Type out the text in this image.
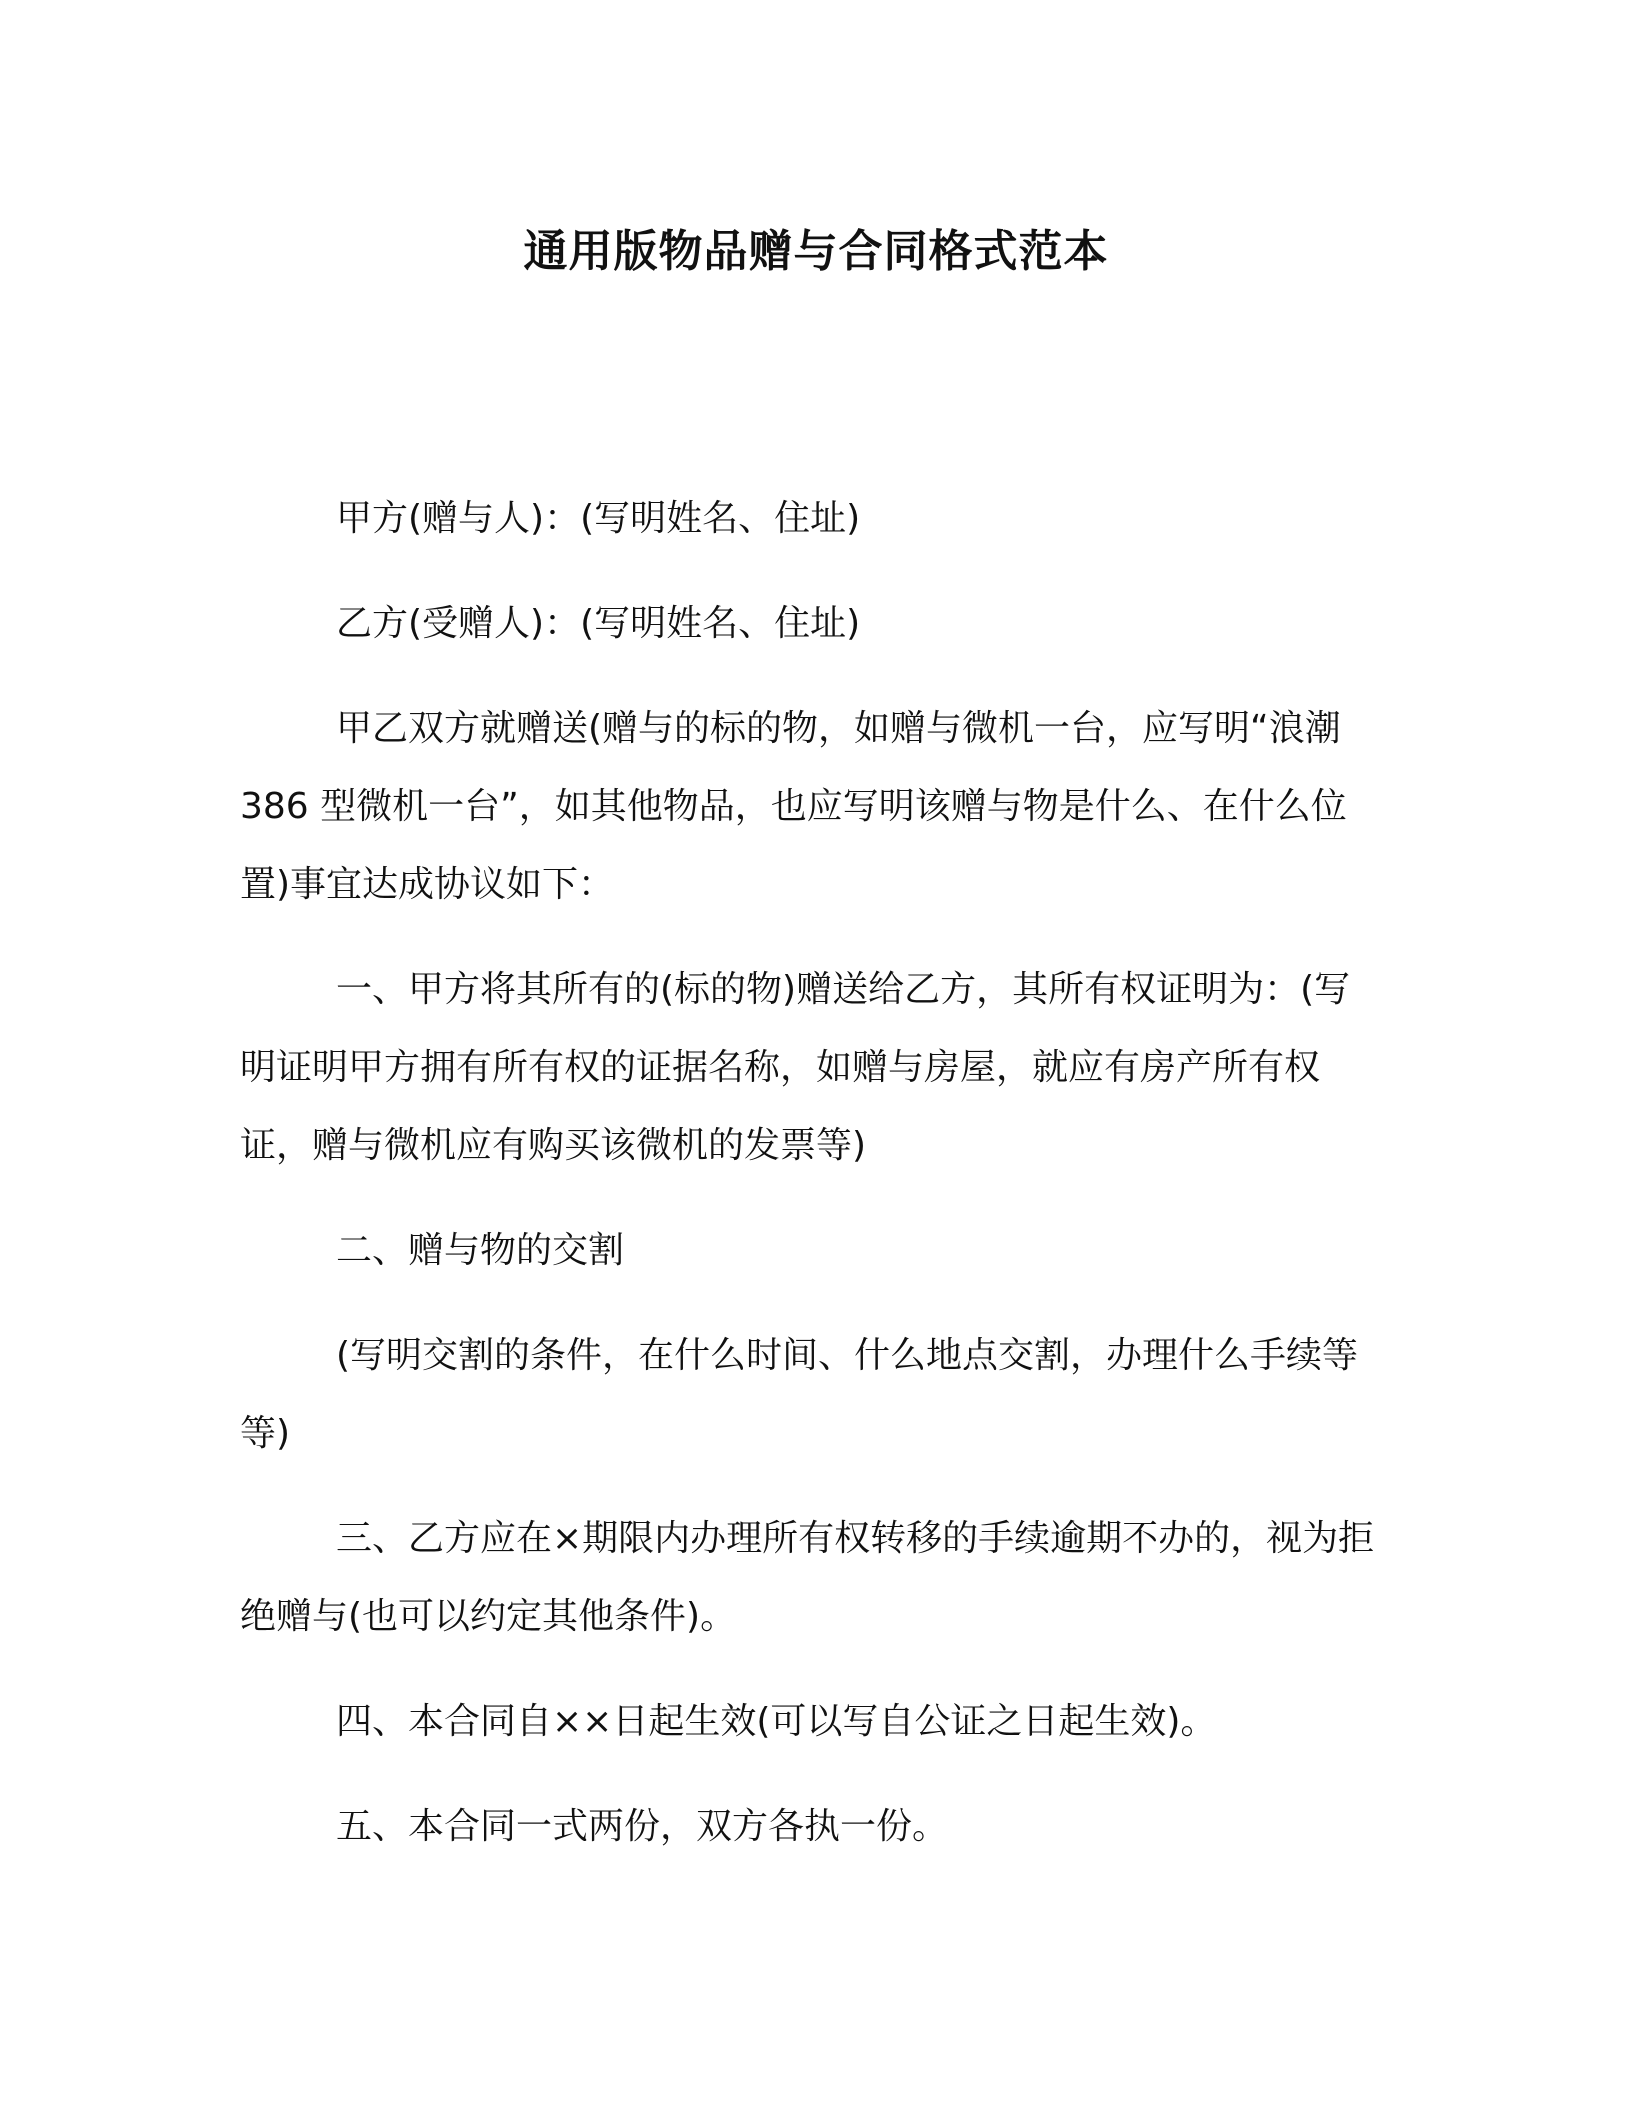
通用版物品赠与合同格式范本

甲方(赠与人)：(写明姓名、住址)

乙方(受赠人)：(写明姓名、住址)

甲乙双方就赠送(赠与的标的物，如赠与微机一台，应写明“浪潮 386 型微机一台”，如其他物品，也应写明该赠与物是什么、在什么位置)事宜达成协议如下：

一、甲方将其所有的(标的物)赠送给乙方，其所有权证明为：(写明证明甲方拥有所有权的证据名称，如赠与房屋，就应有房产所有权证，赠与微机应有购买该微机的发票等)

二、赠与物的交割

(写明交割的条件，在什么时间、什么地点交割，办理什么手续等等)

三、乙方应在×期限内办理所有权转移的手续逾期不办的，视为拒绝赠与(也可以约定其他条件)。

四、本合同自××日起生效(可以写自公证之日起生效)。

五、本合同一式两份，双方各执一份。
